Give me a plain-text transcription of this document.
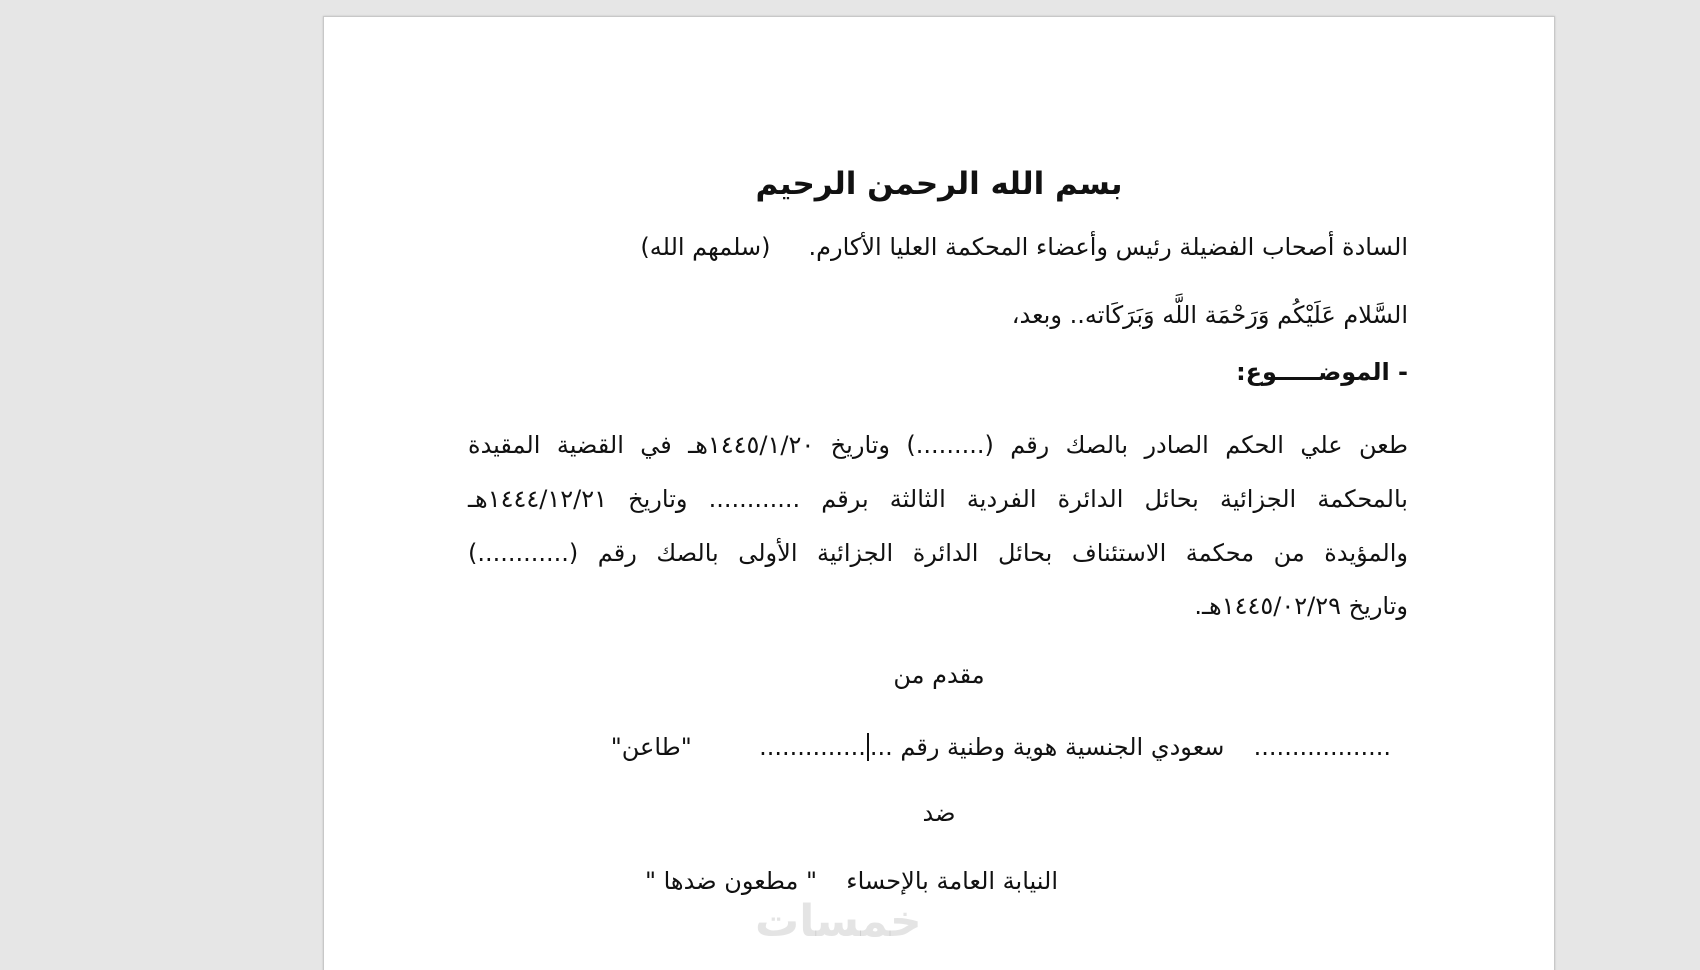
بسم الله الرحمن الرحيم
السادة أصحاب الفضيلة رئيس وأعضاء المحكمة العليا الأكارم.(سلمهم الله)
السَّلام عَلَيْكُم وَرَحْمَة اللَّه وَبَرَكَاته.. وبعد،
- الموضـــــوع:
طعن علي الحكم الصادر بالصك رقم (.........) وتاريخ ١٤٤٥/١/٢٠هـ في القضية المقيدة
بالمحكمة الجزائية بحائل الدائرة الفردية الثالثة برقم ............ وتاريخ ١٤٤٤/١٢/٢١هـ
والمؤيدة من محكمة الاستئناف بحائل الدائرة الجزائية الأولى بالصك رقم (............)
وتاريخ ١٤٤٥/٠٢/٢٩هـ.
مقدم من
..................  سعودي الجنسية هوية وطنية رقم .................  "طاعن"
ضد
النيابة العامة بالإحساء  " مطعون ضدها "
خمسات
